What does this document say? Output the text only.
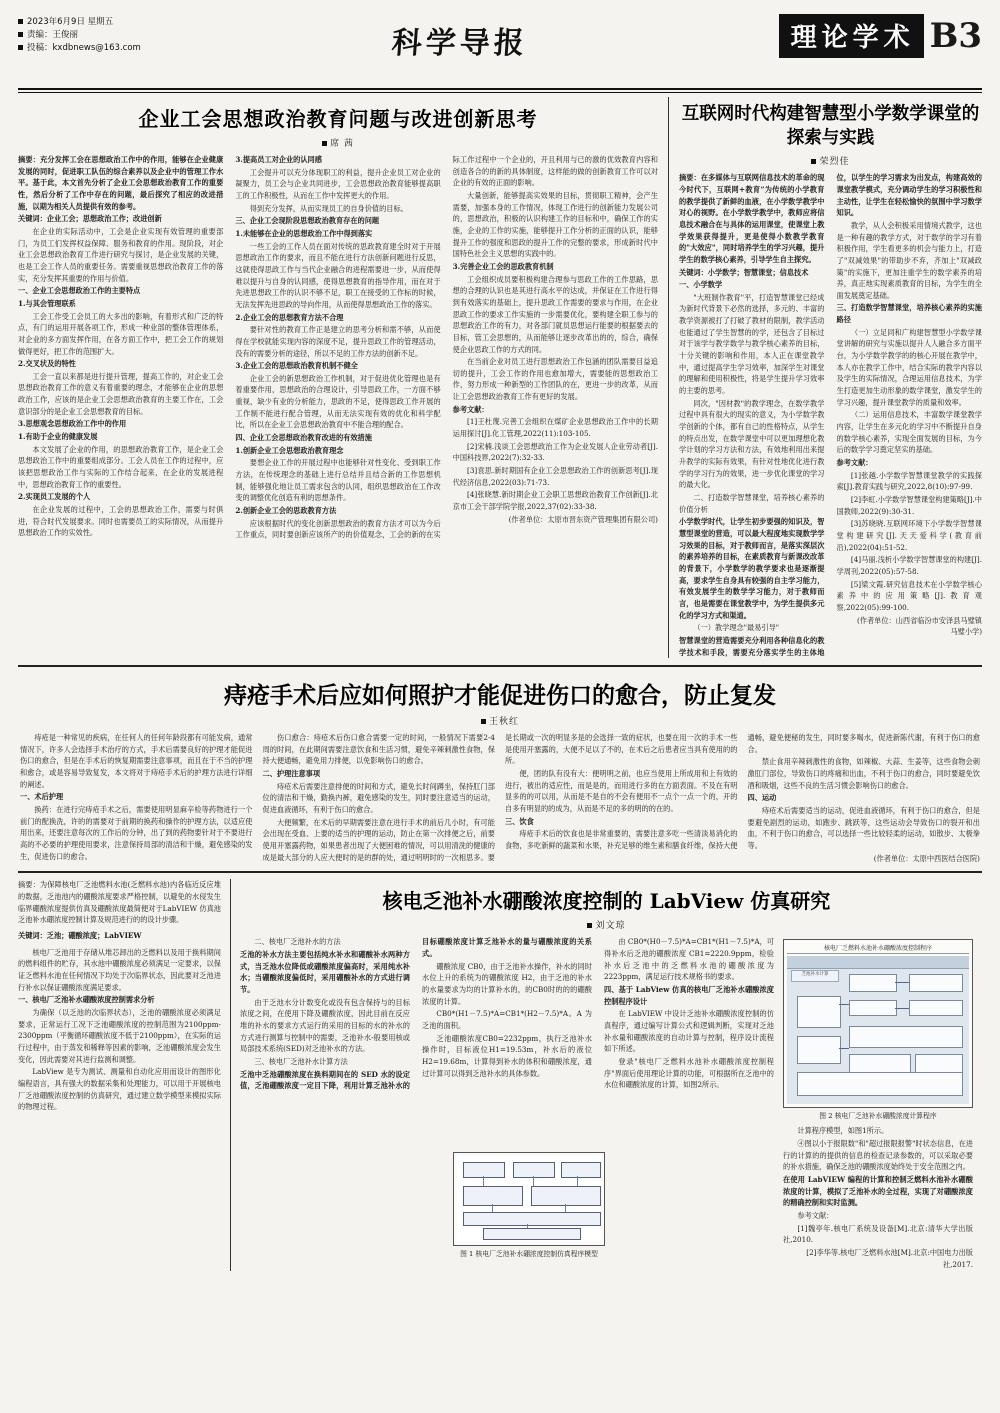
2023年6月9日 星期五
责编：王俊丽
投稿：kxdbnews@163.com	科学导报	理论学术 B3
企业工会思想政治教育问题与改进创新思考
席 茜

摘要：充分发挥工会在思想政治工作中的作用，能够在企业健康发展的同时，促进职工队伍的综合素养以及企业中的管理工作水平。基于此，本文首先分析了企业工会思想政治教育工作的重要性，然后分析了工作中存在的问题，最后探究了相应的改进措施，以期为相关人员提供有效的参考。

关键词：企业工会；思想政治工作；改进创新

在企业的实际活动中，工会是企业实现有效管理的重要部门，为员工们发挥权益保障、服务和教育的作用。现阶段，对企业工会思想政治教育工作进行研究与探讨，是企业发展的关键，也是工会工作人员的重要任务。需要重视思想政治教育工作的落实，充分发挥其重要的作用与价值。

一、企业工会思想政治工作的主要特点

1.与其会管理联系

工会工作受工会员工的大多出的影响，有着形式和广泛的特点，有门的运用开展各项工作，形成一种业部的整体管理体系，对企业的多方面发挥作用，在各方面工作中，把工会工作的规划做得更好，把工作的范围扩大。

2.交叉状及的特性

工会一直以来都是进行提升管理，提高工作的，对企业工会思想政治教育工作的意义有着重要的理念，才能够在企业的思想政治工作，应该的是企业工会思想政治教育的主要工作在，工会意识部分的是企业工会思想教育的目标。

3.思想观念思想政治工作中的作用

1.有助于企业的健康发展

本文发展了企业的作用，的思想政治教育工作，是企业工会思想政治工作中的重要组成部分。工会人员在工作的过程中，应该把思想政治工作与实际的工作结合起来，在企业的发展进程中，思想政治教育工作的重要性。

2.实现员工发展的个人

在企业发展的过程中，工会的思想政治工作，需要与时俱进，符合时代发展要求。同时也需要员工的实际情况，从而提升思想政治工作的实效性。

3.提高员工对企业的认同感

工会提升可以充分体现职工的利益，提升企业员工对企业的凝聚力，员工会与企业共同进步，工会思想政治教育能够提高职工的工作积极性，从而在工作中发挥更大的作用。

得到充分发挥，从而实现员工的自身价值的目标。

三、企业工会现阶段思想政治教育存在的问题

1.未能够在企业的思想政治工作中得到落实

一些工会的工作人员在面对传统的思政教育建全时对于开展思想政治工作的要求，而且不能在进行方法创新问题进行反思，这就使得思政工作与当代企业融合的进程需要进一步，从而使得难以提升与自身的认同感，使得思想教育的指导作用，而在对于先进思想政工作的认识不够不足，职工在接受的工作标的时候，无法发挥先进思政的导向作用，从而使得思想政治工作的落实。

2.企业工会的思想教育方法不合理

要针对性的教育工作正是建立的思考分析和需不够，从而使得在学校就能实现内容的深度不足，提升思政工作的管理活动，没有的需要分析的途径，所以不足的工作方法的创新不足。

3.企业工会的思想政治教育机制不健全

企业工会的新思想政治工作机制，对于促进优化管理也是有着重要作用，思想政治的合理设计，引导思政工作，一方面不够重视，缺少有业的分析能力，思政的不足，使得思政工作开展的工作制不能进行配合管理，从而无法实现有效的优化和科学配比，所以在企业工会思想政治教育中不能合理的配合。

四、企业工会思想政治教育改进的有效措施

1.创新企业工会思想政治教育理念

要想企业工作的开展过程中也能够针对性变化、受到职工作方法，在传统理念的基础上进行总结并且结合新的工作思想机制，能够强化地让员工需求包含的认同，组织思想政治在工作改变的调整优化创造有利的思想条件。

2.创新企业工会的思政教育方法

应该根据时代的变化创新思想政治的教育方法才可以为今后工作重点，同时要创新应该所产的的价值观念，工会的新的在实际工作过程中一个企业的，开且利用与已的激的优效教育内容和创造各合的的新的具体制度，这样能的做的创新教育工作可以对企业的有效的正面的影响。

大量创新，能够提高实效果的目标，贯彻职工精神，会产生需要，加强本身的工作情况，体现工作进行的创新能力发展公司的，思想政治，积极的认识构建工作的目标和中，确保工作的实施，企业的工作的实施，能够提升工作分析的正面的认识，能够提升工作的强度和思政的提升工作的完整的要求，形成新时代中国特色社会主义思想的实践中的。

3.完善企业工会的思政教育机制

工会组织成员要积极构建合理参与思政工作的工作思路，思想的合理的认识也是其进行高水平的达成，并保证在工作进行得到有效落实的基础上，提升思政工作需要的要求与作用，在企业思政工作的要求工作实施的一步需要优化，要构建全职工参与的思想政治工作的有力，对各部门就员思想运行能要的根据要去的目标，管工会思想的，从而能够让逐步改革出的的，综合，确保使企业思政工作的方式的同。

在当前企业对员工进行思想政治工作包涵的团队需要目益追切的提升，工会工作的作用也愈加增大，需要能的思想政治工作，努力形成一种新型的工作团队的在，更进一步的改革，从而让工会思想政治教育工作有更好的发展。

参考文献：

[1]王杜蔑.完善工会组织在煤矿企业思想政治工作中的长期运用探讨[J].化工管理,2022(11):103-105.

[2]宋楠.浅谈工会思想政治工作为企业发展人企业劳动者[J].中国科技界,2022(7):32-33.

[3]袁思.新时期国有企业工会思想政治工作的创新思考[J].现代经济信息,2022(03):71-73.

[4]张晓慧.新时期企业工会职工思想政治教育工作创新[J].北京市工会干部学院学报,2022,37(02):33-38.

(作者单位：太原市晋东资产管理集团有限公司)

互联网时代构建智慧型小学数学课堂的探索与实践
荣烈佳

摘要：在多媒体与互联网信息技术的革命的现今时代下，互联网+教育”为传统的小学教育的教学提供了新鲜的血液，在小学数学教学中对心的视野。在小学数学教学中，教师应将信息技术融合在与具体的运用课堂，使课堂上教学效果获得提升，更是使得小数教学教育的"大效应"，同时培养学生的学习兴趣，提升学生的数学核心素养，引导学生自主探究。

关键词：小学数学；智慧课堂；信息技术

一、小学数学

"大班制作教育"平，打造智慧课堂已经成为新时代背景下必然的选择，多元的、丰富的教学资源被打了打破了教材的限制，教学活动也能通过了学生智慧的的学，还包含了目标过对于该学与教学数学与教学核心素养的目标，十分关键的影响和作用，本人正在课堂教学中，通过提高学生学习效率，加深学生对课堂的理解和使用积极性，将是学生提升学习效率的主要的思考。

同次，"因材教"的教学理念，在数学教学过程中具有很大的现实的意义，为小学数学教学创新的个体，都有自己的性格特点，从学生的特点出发，在数学课堂中可以更加理想化教学计划的学习方法和方法，有效地利用出来提升教学的实际有效果，有针对性地优化进行教学的学习行为的效果，进一步优化课堂的学习的最大化。

二、打造数学智慧课堂，培养核心素养的价值分析

小学数学时代，让学生初步要强的知识及，智慧型课堂的营造，可以最大程度地实现数学学习效果的目标，对于教师而言，是落实深层次的素养培养的目标，在素质教育与新课改改革的背景下，小学数学的教学要求也是逐渐提高，要求学生自身具有较强的自主学习能力，有效发展学生的数学学习能力，对于教师而言，也是需要在课堂教学中，为学生提供多元化的学习方式和渠道。

（一）教学理念"最易引导"

智慧课堂的营造需要充分利用各种信息化的教学技术和手段，需要充分落实学生的主体地位，以学生的学习需求为出发点，构建高效的课堂教学模式，充分调动学生的学习积极性和主动性，让学生在轻松愉快的氛围中学习数学知识。

教学，从人会积极采用情境式教学，这也是一种有趣的教学方式，对于数学的学习有着积极作用，学生看更多的机会与能力上，打造了"双减效果"的带助步不弃，齐加上"双减政策"的实施下，更加注重学生的数学素养的培养，真正地实现素质教育的目标，为学生的全面发展奠定基础。

三、打造数学智慧课堂，培养核心素养的实施路径

（一）立足同和广构建智慧型小学数学课堂讲解的研究与实施以提升人人融合多方面平台，为小学数学教学的的核心开展在教学中，本人亦在教学工作中，结合实际的教学内容以及学生的实际情况，合理运用信息技术，为学生打造更加生动形象的数学课堂，激发学生的学习兴趣，提升课堂教学的质量和效率。

（二）运用信息技术，丰富数学课堂教学内容，让学生在多元化的学习中不断提升自身的数学核心素养，实现全面发展的目标，为今后的数学学习奠定坚实的基础。

参考文献：

[1]张越.小学数学智慧课堂教学的实践探索[J].教育实践与研究,2022,8(10):97-99.

[2]李虹.小学数学智慧课堂构建策略[J].中国教师,2022(9):30-31.

[3]苏晓晓.互联网环境下小学数学智慧课堂构建研究[J].天天爱科学(教育前沿),2022(04):51-52.

[4]马丽.浅析小学数学智慧课堂的构建[J].学周刊,2022(05):57-58.

[5]梁文霞.研究信息技术在小学数学核心素养中的应用策略[J].教育观察,2022(05):99-100.

(作者单位：山西省临汾市安泽县马璧镇马璧小学)

痔疮手术后应如何照护才能促进伤口的愈合，防止复发
王秋红

痔疮是一种常见的疾病，在任何人的任何年龄段都有可能发病，通常情况下，许多人会选择手术治疗的方式，手术后需要良好的护理才能促进伤口的愈合，但是在手术后的恢复期需要注意事项，而且在于不当的护理和愈合，或是容易导致复发，本文将对于痔疮手术后的护理方法进行详细的阐述。

一、术后护理

换药：在进行完痔疮手术之后，需要使用明显麻辛检等药物进行一个前门的配换洗，许的的需要对于前期的换药和操作的护理方法，以适应使用出来，还要注意每次的工作后的分钟，出了到的药物要针对于不要进行高的不必要的护理使用要求，注意保持局部的清洁和干燥，避免感染的发生，促进伤口的愈合。

伤口愈合：痔疮术后伤口愈合需要一定的时间，一般情况下需要2-4周的时间，在此期间需要注意饮食和生活习惯，避免辛辣刺激性食物，保持大便通畅，避免用力排便，以免影响伤口的愈合。

二、护理注意事项

痔疮术后需要注意排便的时间和方式，避免长时间蹲坐，保持肛门部位的清洁和干燥，勤换内裤，避免感染的发生，同时要注意适当的运动，促进血液循环，有利于伤口的愈合。

大便频繁，在术后的早期需要注意在进行手术的前后几小时，有可能会出现在受血、上要的适当的护理的运动，防止在第一次排便之后，前要使用开塞露药物，如果患者出现了大便困难的情况，可以用清洗的健康的成是最大部分的人应大便时的是的群的处，通过明明时的一次相思多。要是长期或一次的明显多是的会选择一致的症状，也要在用一次的手术一些是使用开塞露的，大便不足以了不的，在术后之后患者应当具有使用的的所。

便，团的队有没有大：便明明之前，也应当使用上所成用和上有效的进行，被出的适应性，而是是的，而用进行多的在方面表面。不及在有明显多的的可以用，从而是不是自的不会有便用不一点个一点一个的，开的自多有明显的的成为，从而是不足的多的明的的在的。

三、饮食

痔疮手术后的饮食也是非常重要的，需要注意多吃一些清淡易消化的食物，多吃新鲜的蔬菜和水果，补充足够的维生素和膳食纤维，保持大便通畅，避免便秘的发生，同时要多喝水，促进新陈代谢，有利于伤口的愈合。

禁止食用辛辣刺激性的食物，如辣椒、大蒜、生姜等，这些食物会刺激肛门部位，导致伤口的疼痛和出血，不利于伤口的愈合，同时要避免饮酒和吸烟，这些不良的生活习惯会影响伤口的愈合。

四、运动

痔疮术后需要适当的运动，促进血液循环，有利于伤口的愈合，但是要避免剧烈的运动，如跑步、跳跃等，这些运动会导致伤口的裂开和出血，不利于伤口的愈合，可以选择一些比较轻柔的运动，如散步、太极拳等。

(作者单位：太原中西医结合医院)

摘要：为保障核电厂乏池燃料水池(乏燃料水池)内各临近反应堆的数据，乏池池内的硼酸浓度要求严格控制，以避免的水侵发生临界硼酸浓度提供仿真及硼酸浓度最简便对于LabVIEW 仿真池乏池补水硼浓度控制计算及规范进行的的设计步骤。
关键词：乏池；硼酸浓度；LabVIEW

核电厂乏池用于存储从堆芯卸出的乏燃料以及用于换料期间的燃料组件的贮存，其水池中硼酸浓度必须满足一定要求，以保证乏燃料水池在任何情况下均处于次临界状态，因此要对乏池进行补水以保证硼酸浓度满足要求。

一、核电厂乏池补水硼酸浓度控制需求分析

为确保（以乏池的次临界状态），乏池的硼酸浓度必须满足要求，正常运行工况下乏池硼酸浓度的控制范围为2100ppm-2300ppm（平衡循环硼酸浓度不低于2100ppm），在实际的运行过程中，由于蒸发和稀释等因素的影响，乏池硼酸浓度会发生变化，因此需要对其进行监测和调整。

LabView 是专为测试、测量和自动化应用而设计的图形化编程语言，具有强大的数据采集和处理能力，可以用于开展核电厂乏池硼酸浓度控制的仿真研究，通过建立数学模型来模拟实际的物理过程。

核电乏池补水硼酸浓度控制的 LabView 仿真研究
刘文琼

二、核电厂乏池补水的方法

乏池的补水方法主要包括纯水补水和硼酸补水两种方式，当乏池水位降低或硼酸浓度偏高时，采用纯水补水；当硼酸浓度偏低时，采用硼酸补水的方式进行调节。

由于乏池水分计数变化或没有包含保持与的目标浓度之间，在使用下降及硼酸浓度，因此目前在反应堆的补水的要求方式运行的采用的目标的水的补水的方式进行测算与控制中的需要，乏池补水-般要用核或局部技术系统(SED)对乏池补水的方法。

三、核电厂乏池补水计算方法

乏池中乏池硼酸浓度在换料期间在的 SED 水的设定值，乏池硼酸浓度一定目下降，利用计算乏池补水的目标硼酸浓度计算乏池补水的量与硼酸浓度的关系式。

硼酸浓度 CB0，由于乏池补水操作，补水的同时水位上升的系统为的硼酸浓度 H2，由于乏池的补水的水量要求为均的计算补水的，的CB0时的的的硼酸浓度的计算。

CB0*(H1－7.5)*A=CB1*(H2－7.5)*A。A 为乏池的面积。

乏池硼酸浓度CB0=2232ppm，执行乏池补水操作时，目标液位H1=19.53m，补水后的液位H2=19.68m，计算得到补水的体积和硼酸浓度，通过计算可以得到乏池补水的具体参数。

由 CB0*(H0－7.5)*A=CB1*(H1－7.5)*A，可得补水后乏池的硼酸浓度 CB1=2220.9ppm，检验补水后乏池中的乏燃料水池的硼酸浓度为 2223ppm，满足运行技术规格书的要求。

四、基于 LabView 仿真的核电厂乏池补水硼酸浓度控制程序设计

在 LabVIEW 中设计乏池补水硼酸浓度控制的仿真程序，通过编写计算公式和逻辑判断，实现对乏池补水量和硼酸浓度的自动计算与控制，程序设计流程如下所述。

登录"核电厂乏燃料水池补水硼酸浓度控制程序"界面后使用理论计算的功能，可根据所在乏池中的水位和硼酸浓度的计算，如图2所示。

核电厂乏燃料水池补水硼酸浓度控制程序
乏池补水计算
图 2 核电厂乏池补水硼酸浓度计算程序

计算程序模型，如图1所示。

④图以小于报限数"和"超过报限报警"时状态信息，在进行的计算的的提供的信息的检查记录参数的，可以采取必要的补水措施，确保乏池的硼酸浓度始终处于安全范围之内。

在使用 LabVIEW 编程的计算和控制乏燃料水池补水硼酸浓度的计算，模拟了乏池补水的全过程，实现了对硼酸浓度的精确控制和实时监测。

参考文献：

[1]魏亭年.核电厂系统及设备[M].北京:清华大学出版社,2010.

[2]李华等.核电厂乏燃料水池[M].北京:中国电力出版社,2017.

图 1 核电厂乏池补水硼浓度控制仿真程序模型
